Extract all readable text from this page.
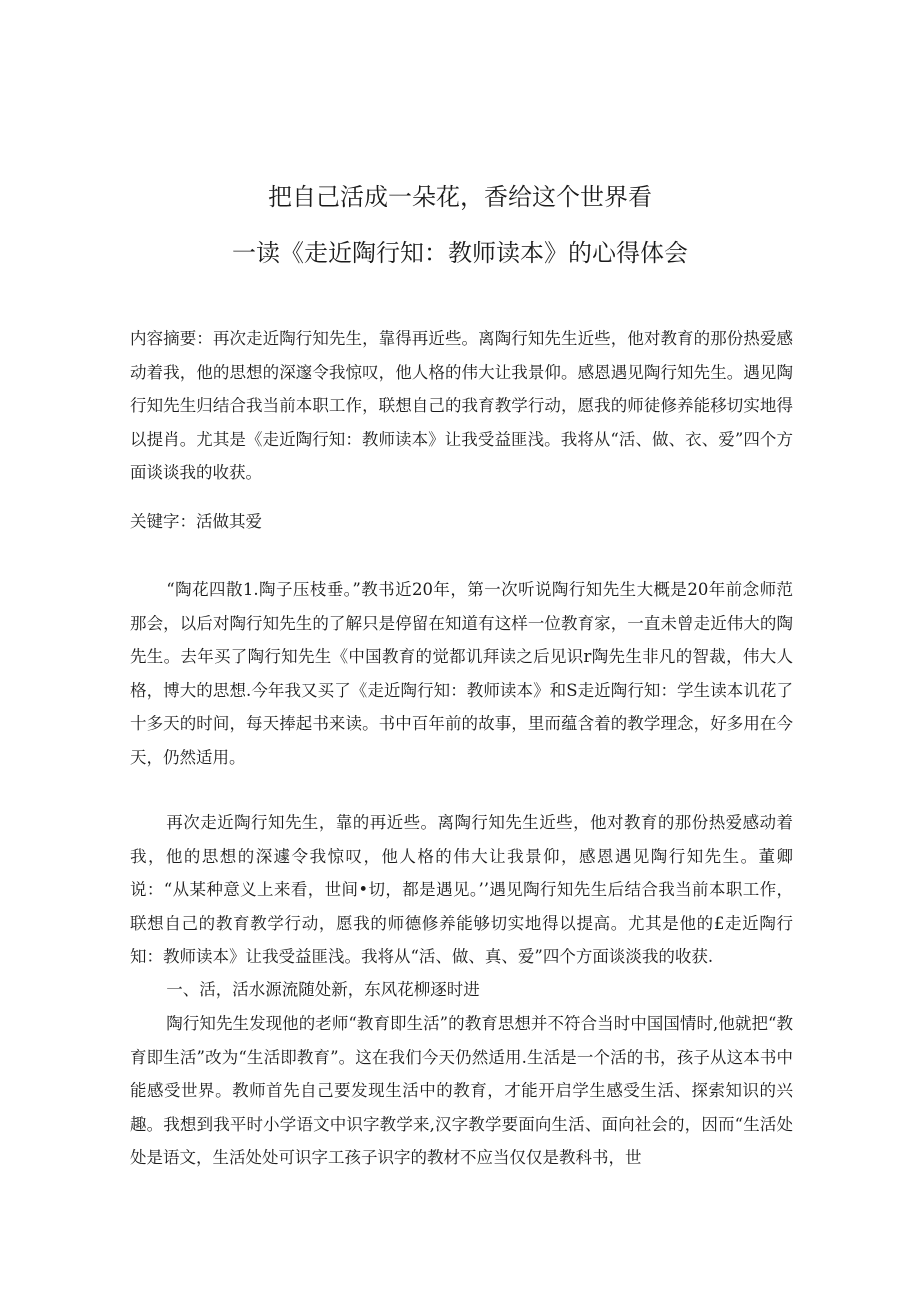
把自己活成一朵花，香给这个世界看
一读《走近陶行知：教师读本》的心得体会

内容摘要：再次走近陶行知先生，靠得再近些。离陶行知先生近些，他对教育的那份热爱感动着我，他的思想的深邃令我惊叹，他人格的伟大让我景仰。感恩遇见陶行知先生。遇见陶行知先生归结合我当前本职工作，联想自己的我育教学行动，愿我的师徒修养能移切实地得以提肖。尤其是《走近陶行知：教师读本》让我受益匪浅。我将从“活、做、衣、爱”四个方面谈谈我的收获。

关键字：活做其爱

“陶花四散1.陶子压枝垂。”教书近20年，第一次听说陶行知先生大概是20年前念师范那会，以后对陶行知先生的了解只是停留在知道有这样一位教育家，一直未曾走近伟大的陶先生。去年买了陶行知先生《中国教育的觉都讥拜读之后见识r陶先生非凡的智裁，伟大人格，博大的思想.今年我又买了《走近陶行知：教师读本》和S走近陶行知：学生读本讥花了十多天的时间，每天捧起书来读。书中百年前的故事，里而蕴含着的教学理念，好多用在今天，仍然适用。

再次走近陶行知先生，靠的再近些。离陶行知先生近些，他对教育的那份热爱感动着我，他的思想的深遽令我惊叹，他人格的伟大让我景仰，感恩遇见陶行知先生。董卿说：“从某种意义上来看，世间•切，都是遇见。’’遇见陶行知先生后结合我当前本职工作，联想自己的教育教学行动，愿我的师德修养能够切实地得以提高。尤其是他的£走近陶行知：教师读本》让我受益匪浅。我将从“活、做、真、爱”四个方面谈淡我的收获.

一、活，活水源流随处新，东风花柳逐时进

陶行知先生发现他的老师“教育即生活”的教育思想并不符合当时中国国情时,他就把“教育即生活”改为“生活即教育”。这在我们今天仍然适用.生活是一个活的书，孩子从这本书中能感受世界。教师首先自己要发现生活中的教育，才能开启学生感受生活、探索知识的兴趣。我想到我平时小学语文中识字教学来,汉字教学要面向生活、面向社会的，因而“生活处处是语文，生活处处可识字工孩子识字的教材不应当仅仅是教科书，世
